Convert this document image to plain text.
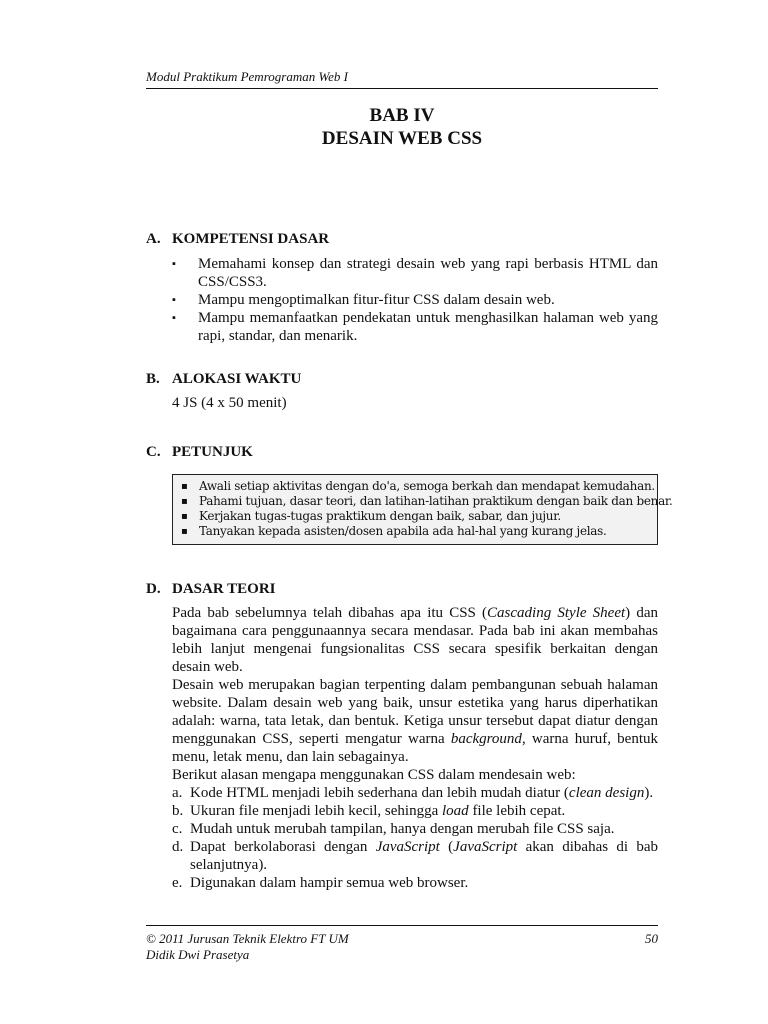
Modul Praktikum Pemrograman Web I
BAB IV
DESAIN WEB CSS
A. KOMPETENSI DASAR
▪ Memahami konsep dan strategi desain web yang rapi berbasis HTML dan CSS/CSS3.
▪ Mampu mengoptimalkan fitur-fitur CSS dalam desain web.
▪ Mampu memanfaatkan pendekatan untuk menghasilkan halaman web yang rapi, standar, dan menarik.
B. ALOKASI WAKTU
4 JS (4 x 50 menit)
C. PETUNJUK
▪ Awali setiap aktivitas dengan do'a, semoga berkah dan mendapat kemudahan.
▪ Pahami tujuan, dasar teori, dan latihan-latihan praktikum dengan baik dan benar.
▪ Kerjakan tugas-tugas praktikum dengan baik, sabar, dan jujur.
▪ Tanyakan kepada asisten/dosen apabila ada hal-hal yang kurang jelas.
D. DASAR TEORI
Pada bab sebelumnya telah dibahas apa itu CSS (Cascading Style Sheet) dan bagaimana cara penggunaannya secara mendasar. Pada bab ini akan membahas lebih lanjut mengenai fungsionalitas CSS secara spesifik berkaitan dengan desain web.
Desain web merupakan bagian terpenting dalam pembangunan sebuah halaman website. Dalam desain web yang baik, unsur estetika yang harus diperhatikan adalah: warna, tata letak, dan bentuk. Ketiga unsur tersebut dapat diatur dengan menggunakan CSS, seperti mengatur warna background, warna huruf, bentuk menu, letak menu, dan lain sebagainya.
Berikut alasan mengapa menggunakan CSS dalam mendesain web:
a. Kode HTML menjadi lebih sederhana dan lebih mudah diatur (clean design).
b. Ukuran file menjadi lebih kecil, sehingga load file lebih cepat.
c. Mudah untuk merubah tampilan, hanya dengan merubah file CSS saja.
d. Dapat berkolaborasi dengan JavaScript (JavaScript akan dibahas di bab selanjutnya).
e. Digunakan dalam hampir semua web browser.
© 2011 Jurusan Teknik Elektro FT UM
Didik Dwi Prasetya
50
